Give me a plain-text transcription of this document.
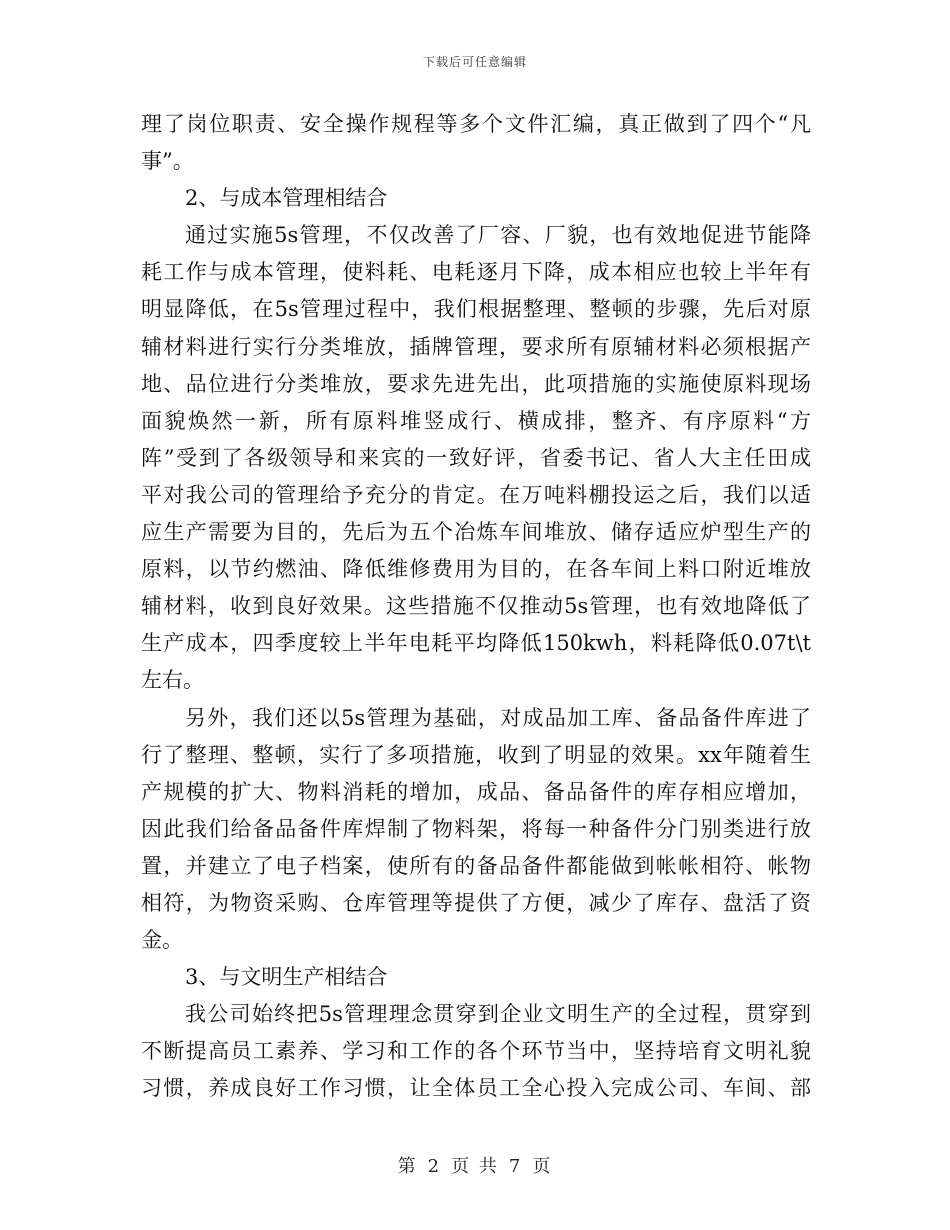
下载后可任意编辑
理了岗位职责、安全操作规程等多个文件汇编，真正做到了四个“凡
事”。
2、与成本管理相结合
通过实施5s管理，不仅改善了厂容、厂貌，也有效地促进节能降
耗工作与成本管理，使料耗、电耗逐月下降，成本相应也较上半年有
明显降低，在5s管理过程中，我们根据整理、整顿的步骤，先后对原
辅材料进行实行分类堆放，插牌管理，要求所有原辅材料必须根据产
地、品位进行分类堆放，要求先进先出，此项措施的实施使原料现场
面貌焕然一新，所有原料堆竖成行、横成排，整齐、有序原料“方
阵”受到了各级领导和来宾的一致好评，省委书记、省人大主任田成
平对我公司的管理给予充分的肯定。在万吨料棚投运之后，我们以适
应生产需要为目的，先后为五个冶炼车间堆放、储存适应炉型生产的
原料，以节约燃油、降低维修费用为目的，在各车间上料口附近堆放
辅材料，收到良好效果。这些措施不仅推动5s管理，也有效地降低了
生产成本，四季度较上半年电耗平均降低150kwh，料耗降低0.07t\t
左右。
另外，我们还以5s管理为基础，对成品加工库、备品备件库进了
行了整理、整顿，实行了多项措施，收到了明显的效果。xx年随着生
产规模的扩大、物料消耗的增加，成品、备品备件的库存相应增加，
因此我们给备品备件库焊制了物料架，将每一种备件分门别类进行放
置，并建立了电子档案，使所有的备品备件都能做到帐帐相符、帐物
相符，为物资采购、仓库管理等提供了方便，减少了库存、盘活了资
金。
3、与文明生产相结合
我公司始终把5s管理理念贯穿到企业文明生产的全过程，贯穿到
不断提高员工素养、学习和工作的各个环节当中，坚持培育文明礼貌
习惯，养成良好工作习惯，让全体员工全心投入完成公司、车间、部
第 2 页 共 7 页
